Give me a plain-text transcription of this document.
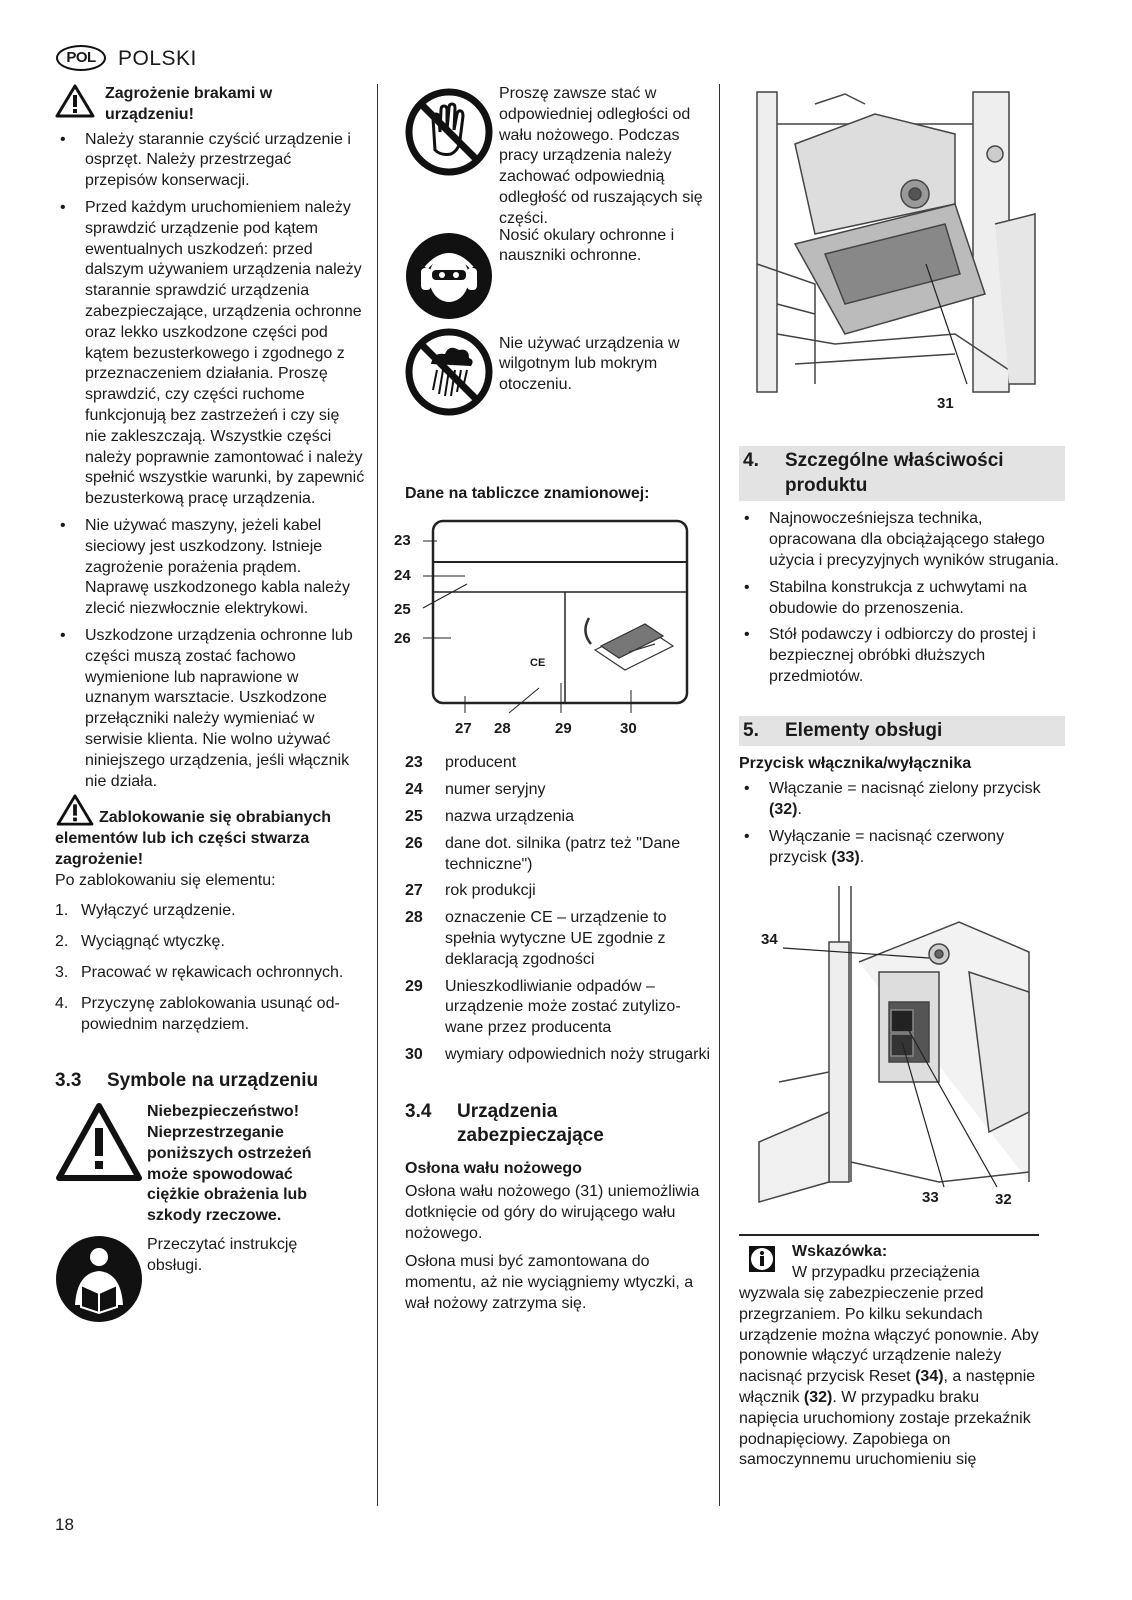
POL	POLSKI
Zagrożenie brakami w urządzeniu!
• Należy starannie czyścić urządzenie i osprzęt. Należy przestrzegać przepisów konserwacji.
• Przed każdym uruchomieniem należy sprawdzić urządzenie pod kątem ewentualnych uszkodzeń: przed dalszym używaniem urządzenia należy starannie sprawdzić urządzenia zabezpieczające, urządzenia ochronne oraz lekko uszkodzone części pod kątem bezusterkowego i zgodnego z przeznaczeniem działania. Proszę sprawdzić, czy części ruchome funkcjonują bez zastrzeżeń i czy się nie zakleszczają. Wszystkie części należy poprawnie zamontować i należy spełnić wszystkie warunki, by zapewnić bezusterkową pracę urządzenia.
• Nie używać maszyny, jeżeli kabel sieciowy jest uszkodzony. Istnieje zagrożenie porażenia prądem. Naprawę uszkodzonego kabla należy zlecić niezwłocznie elektrykowi.
• Uszkodzone urządzenia ochronne lub części muszą zostać fachowo wymienione lub naprawione w uznanym warsztacie. Uszkodzone przełączniki należy wymieniać w serwisie klienta. Nie wolno używać niniejszego urządzenia, jeśli włącznik nie działa.
Zablokowanie się obrabianych elementów lub ich części stwarza zagrożenie!
Po zablokowaniu się elementu:
1. Wyłączyć urządzenie.
2. Wyciągnąć wtyczkę.
3. Pracować w rękawicach ochronnych.
4. Przyczynę zablokowania usunąć od-powiednim narzędziem.
3.3	Symbole na urządzeniu
Niebezpieczeństwo! Nieprzestrzeganie poniższych ostrzeżeń może spowodować ciężkie obrażenia lub szkody rzeczowe.
Przeczytać instrukcję obsługi.
Proszę zawsze stać w odpowiedniej odległości od wału nożowego. Podczas pracy urządzenia należy zachować odpowiednią odległość od ruszających się części.
Nosić okulary ochronne i nauszniki ochronne.
Nie używać urządzenia w wilgotnym lub mokrym otoczeniu.
Dane na tabliczce znamionowej:
CE
23
24
25
26
27 28	29	30
23	producent
24	numer seryjny
25	nazwa urządzenia
26	dane dot. silnika (patrz też "Dane techniczne")
27	rok produkcji
28	oznaczenie CE – urządzenie to spełnia wytyczne UE zgodnie z deklaracją zgodności
29	Unieszkodliwianie odpadów – urządzenie może zostać zutylizo-wane przez producenta
30	wymiary odpowiednich noży strugarki
3.4	Urządzenia zabezpieczające
Osłona wału nożowego
Osłona wału nożowego (31) uniemożliwia dotknięcie od góry do wirującego wału nożowego.
Osłona musi być zamontowana do momentu, aż nie wyciągniemy wtyczki, a wał nożowy zatrzyma się.
31
4.	Szczególne właściwości produktu
• Najnowocześniejsza technika, opracowana dla obciążającego stałego użycia i precyzyjnych wyników strugania.
• Stabilna konstrukcja z uchwytami na obudowie do przenoszenia.
• Stół podawczy i odbiorczy do prostej i bezpiecznej obróbki dłuższych przedmiotów.
5.	Elementy obsługi
Przycisk włącznika/wyłącznika
• Włączanie = nacisnąć zielony przycisk (32).
• Wyłączanie = nacisnąć czerwony przycisk (33).
34
33	32
Wskazówka:
W przypadku przeciążenia wyzwala się zabezpieczenie przed przegrzaniem. Po kilku sekundach urządzenie można włączyć ponownie. Aby ponownie włączyć urządzenie należy nacisnąć przycisk Reset (34), a następnie włącznik (32). W przypadku braku napięcia uruchomiony zostaje przekaźnik podnapięciowy. Zapobiega on samoczynnemu uruchomieniu się
18
